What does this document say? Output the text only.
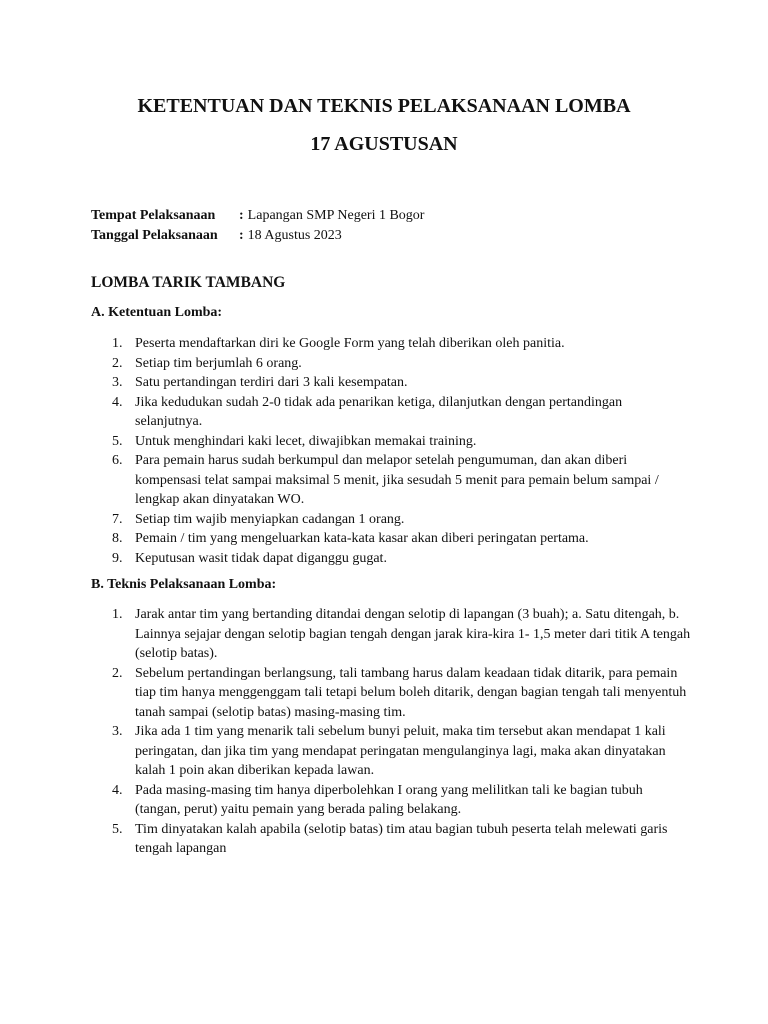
KETENTUAN DAN TEKNIS PELAKSANAAN LOMBA
17 AGUSTUSAN
Tempat Pelaksanaan	: Lapangan SMP Negeri 1 Bogor
Tanggal Pelaksanaan	: 18 Agustus 2023
LOMBA TARIK TAMBANG
A. Ketentuan Lomba:
1. Peserta mendaftarkan diri ke Google Form yang telah diberikan oleh panitia.
2. Setiap tim berjumlah 6 orang.
3. Satu pertandingan terdiri dari 3 kali kesempatan.
4. Jika kedudukan sudah 2-0 tidak ada penarikan ketiga, dilanjutkan dengan pertandingan selanjutnya.
5. Untuk menghindari kaki lecet, diwajibkan memakai training.
6. Para pemain harus sudah berkumpul dan melapor setelah pengumuman, dan akan diberi kompensasi telat sampai maksimal 5 menit, jika sesudah 5 menit para pemain belum sampai / lengkap akan dinyatakan WO.
7. Setiap tim wajib menyiapkan cadangan 1 orang.
8. Pemain / tim yang mengeluarkan kata-kata kasar akan diberi peringatan pertama.
9. Keputusan wasit tidak dapat diganggu gugat.
B. Teknis Pelaksanaan Lomba:
1. Jarak antar tim yang bertanding ditandai dengan selotip di lapangan (3 buah); a. Satu ditengah, b. Lainnya sejajar dengan selotip bagian tengah dengan jarak kira-kira 1- 1,5 meter dari titik A tengah (selotip batas).
2. Sebelum pertandingan berlangsung, tali tambang harus dalam keadaan tidak ditarik, para pemain tiap tim hanya menggenggam tali tetapi belum boleh ditarik, dengan bagian tengah tali menyentuh tanah sampai (selotip batas) masing-masing tim.
3. Jika ada 1 tim yang menarik tali sebelum bunyi peluit, maka tim tersebut akan mendapat 1 kali peringatan, dan jika tim yang mendapat peringatan mengulanginya lagi, maka akan dinyatakan kalah 1 poin akan diberikan kepada lawan.
4. Pada masing-masing tim hanya diperbolehkan I orang yang melilitkan tali ke bagian tubuh (tangan, perut) yaitu pemain yang berada paling belakang.
5. Tim dinyatakan kalah apabila (selotip batas) tim atau bagian tubuh peserta telah melewati garis tengah lapangan
